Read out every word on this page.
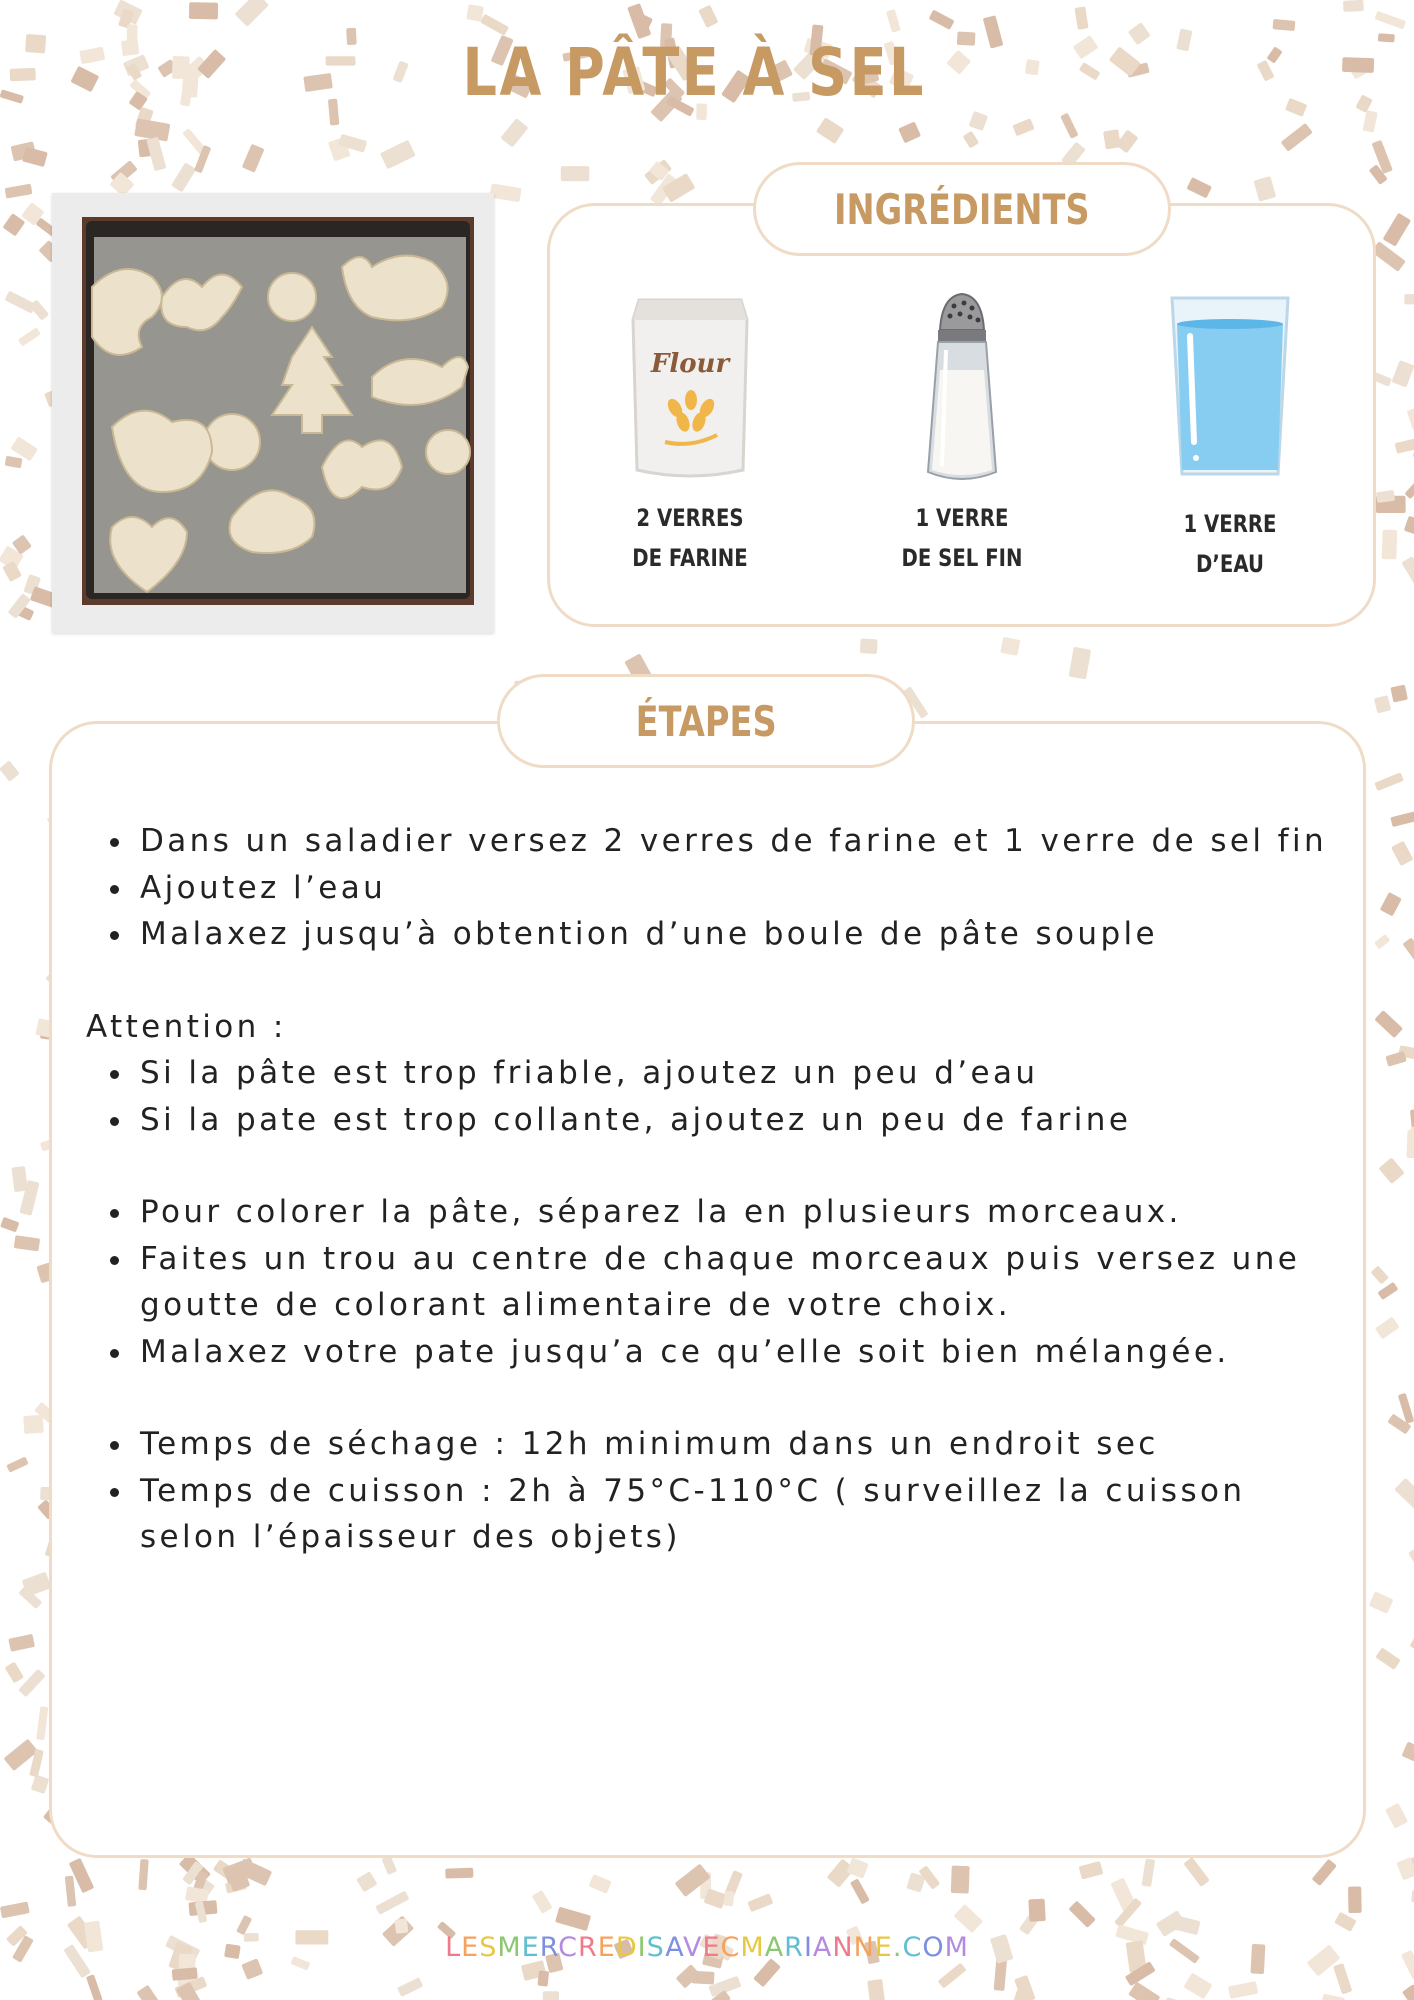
LA PÂTE À SEL
INGRÉDIENTS
Flour
2 VERRES
DE FARINE
1 VERRE
DE SEL FIN
1 VERRE
D’EAU
ÉTAPES
Dans un saladier versez 2 verres de farine et 1 verre de sel fin
Ajoutez l’eau
Malaxez jusqu’à obtention d’une boule de pâte souple

Attention :

Si la pâte est trop friable, ajoutez un peu d’eau
Si la pate est trop collante, ajoutez un peu de farine
Pour colorer la pâte, séparez la en plusieurs morceaux.
Faites un trou au centre de chaque morceaux puis versez une goutte de colorant alimentaire de votre choix.
Malaxez votre pate jusqu’a ce qu’elle soit bien mélangée.
Temps de séchage : 12h minimum dans un endroit sec
Temps de cuisson : 2h à 75°C-110°C ( surveillez la cuisson selon l’épaisseur des objets)
LESMERCREDISAVECMARIANNE.COM
